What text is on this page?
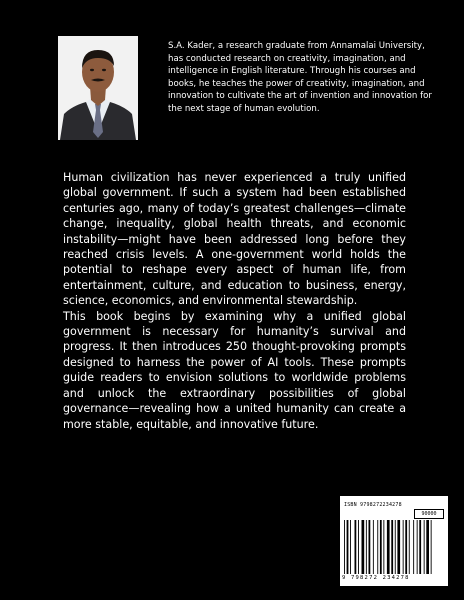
S.A. Kader, a research graduate from Annamalai University, has conducted research on creativity, imagination, and intelligence in English literature. Through his courses and books, he teaches the power of creativity, imagination, and innovation to cultivate the art of invention and innovation for the next stage of human evolution.

Human civilization has never experienced a truly unified global government. If such a system had been established centuries ago, many of today’s greatest challenges—climate change, inequality, global health threats, and economic instability—might have been addressed long before they reached crisis levels. A one-government world holds the potential to reshape every aspect of human life, from entertainment, culture, and education to business, energy, science, economics, and environmental stewardship.

This book begins by examining why a unified global government is necessary for humanity’s survival and progress. It then introduces 250 thought-provoking prompts designed to harness the power of AI tools. These prompts guide readers to envision solutions to worldwide problems and unlock the extraordinary possibilities of global governance—revealing how a united humanity can create a more stable, equitable, and innovative future.

ISBN 9798272234278
90000
9 798272 234278
